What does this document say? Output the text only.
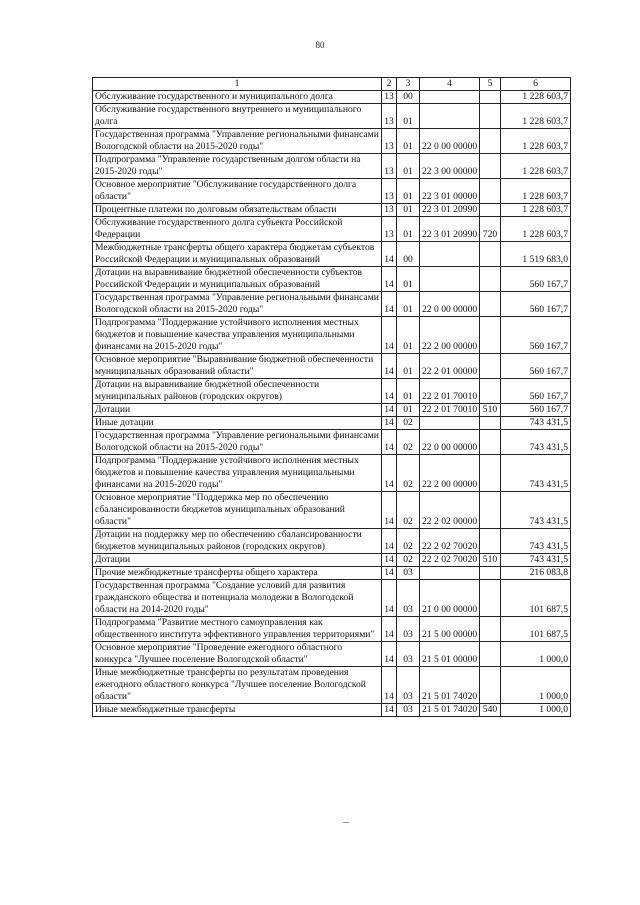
80
1	2	3	4	5	6
Обслуживание государственного и муниципального долга	13	00			1 228 603,7
Обслуживание государственного внутреннего и муниципального долга	13	01			1 228 603,7
Государственная программа "Управление региональными финансами Вологодской области на 2015-2020 годы"	13	01	22 0 00 00000		1 228 603,7
Подпрограмма "Управление государственным долгом области на 2015-2020 годы"	13	01	22 3 00 00000		1 228 603,7
Основное мероприятие "Обслуживание государственного долга области"	13	01	22 3 01 00000		1 228 603,7
Процентные платежи по долговым обязательствам области	13	01	22 3 01 20990		1 228 603,7
Обслуживание государственного долга субъекта Российской Федерации	13	01	22 3 01 20990	720	1 228 603,7
Межбюджетные трансферты общего характера бюджетам субъектов Российской Федерации и муниципальных образований	14	00			1 519 683,0
Дотации на выравнивание бюджетной обеспеченности субъектов Российской Федерации и муниципальных образований	14	01			560 167,7
Государственная программа "Управление региональными финансами Вологодской области на 2015-2020 годы"	14	01	22 0 00 00000		560 167,7
Подпрограмма "Поддержание устойчивого исполнения местных бюджетов и повышение качества управления муниципальными финансами на 2015-2020 годы"	14	01	22 2 00 00000		560 167,7
Основное мероприятие "Выравнивание бюджетной обеспеченности муниципальных образований области"	14	01	22 2 01 00000		560 167,7
Дотации на выравнивание бюджетной обеспеченности муниципальных районов (городских округов)	14	01	22 2 01 70010		560 167,7
Дотации	14	01	22 2 01 70010	510	560 167,7
Иные дотации	14	02			743 431,5
Государственная программа "Управление региональными финансами Вологодской области на 2015-2020 годы"	14	02	22 0 00 00000		743 431,5
Подпрограмма "Поддержание устойчивого исполнения местных бюджетов и повышение качества управления муниципальными финансами на 2015-2020 годы"	14	02	22 2 00 00000		743 431,5
Основное мероприятие "Поддержка мер по обеспечению сбалансированности бюджетов муниципальных образований области"	14	02	22 2 02 00000		743 431,5
Дотации на поддержку мер по обеспечению сбалансированности бюджетов муниципальных районов (городских округов)	14	02	22 2 02 70020		743 431,5
Дотации	14	02	22 2 02 70020	510	743 431,5
Прочие межбюджетные трансферты общего характера	14	03			216 083,8
Государственная программа "Создание условий для развития гражданского общества и потенциала молодежи в Вологодской области на 2014-2020 годы"	14	03	21 0 00 00000		101 687,5
Подпрограмма "Развитие местного самоуправления как общественного института эффективного управления территориями"	14	03	21 5 00 00000		101 687,5
Основное мероприятие "Проведение ежегодного областного конкурса "Лучшее поселение Вологодской области"	14	03	21 5 01 00000		1 000,0
Иные межбюджетные трансферты по результатам проведения ежегодного областного конкурса "Лучшее поселение Вологодской области"	14	03	21 5 01 74020		1 000,0
Иные межбюджетные трансферты	14	03	21 5 01 74020	540	1 000,0
